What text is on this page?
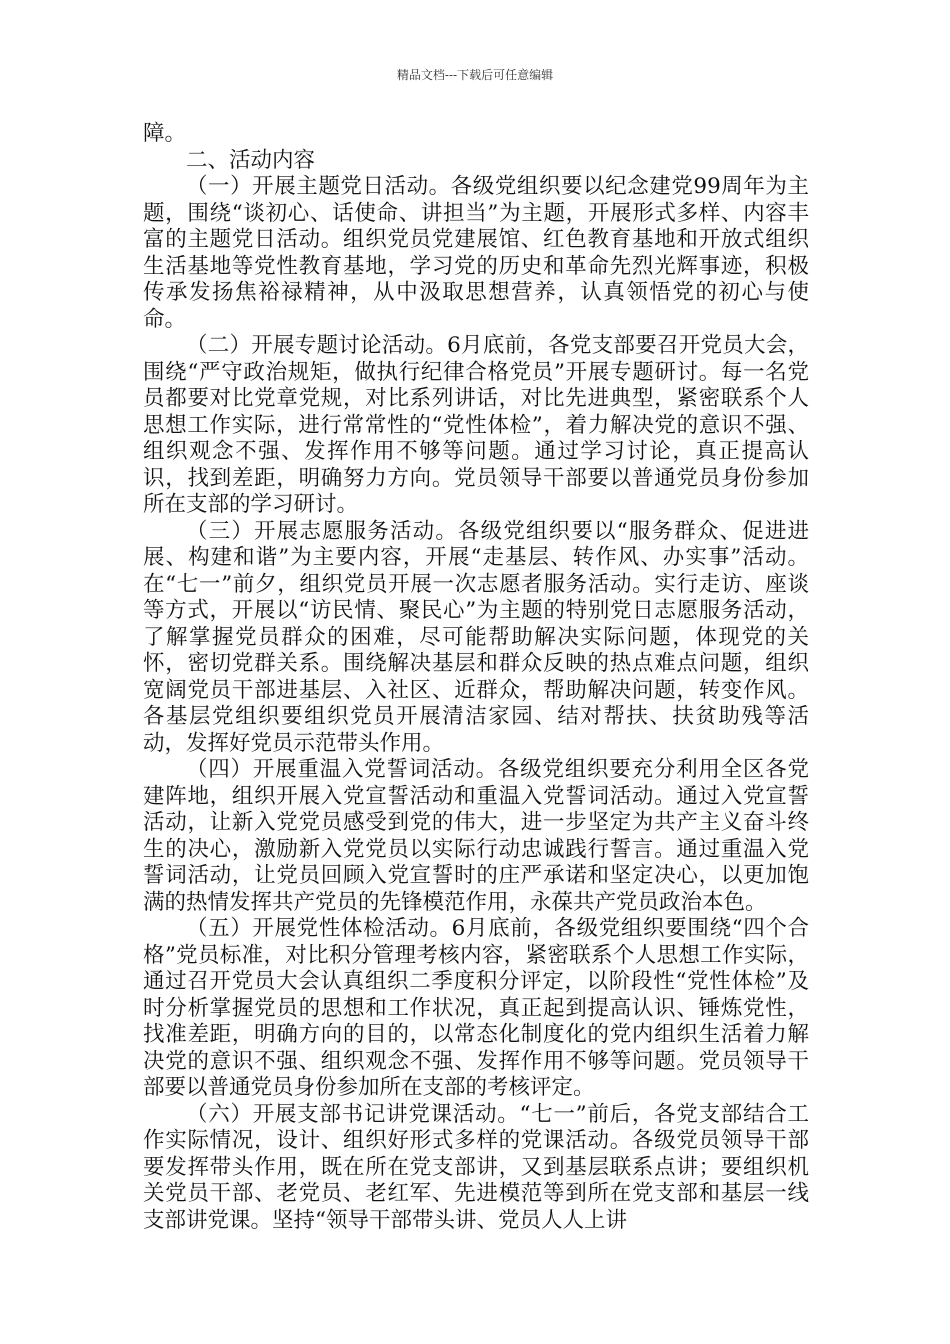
精品文档---下载后可任意编辑

障。

二、活动内容

（一）开展主题党日活动。各级党组织要以纪念建党99周年为主题，围绕“谈初心、话使命、讲担当”为主题，开展形式多样、内容丰富的主题党日活动。组织党员党建展馆、红色教育基地和开放式组织生活基地等党性教育基地，学习党的历史和革命先烈光辉事迹，积极传承发扬焦裕禄精神，从中汲取思想营养，认真领悟党的初心与使命。

（二）开展专题讨论活动。6月底前，各党支部要召开党员大会，围绕“严守政治规矩，做执行纪律合格党员”开展专题研讨。每一名党员都要对比党章党规，对比系列讲话，对比先进典型，紧密联系个人思想工作实际，进行常常性的“党性体检”，着力解决党的意识不强、组织观念不强、发挥作用不够等问题。通过学习讨论，真正提高认识，找到差距，明确努力方向。党员领导干部要以普通党员身份参加所在支部的学习研讨。

（三）开展志愿服务活动。各级党组织要以“服务群众、促进进展、构建和谐”为主要内容，开展“走基层、转作风、办实事”活动。在“七一”前夕，组织党员开展一次志愿者服务活动。实行走访、座谈等方式，开展以“访民情、聚民心”为主题的特别党日志愿服务活动，了解掌握党员群众的困难，尽可能帮助解决实际问题，体现党的关怀，密切党群关系。围绕解决基层和群众反映的热点难点问题，组织宽阔党员干部进基层、入社区、近群众，帮助解决问题，转变作风。各基层党组织要组织党员开展清洁家园、结对帮扶、扶贫助残等活动，发挥好党员示范带头作用。

（四）开展重温入党誓词活动。各级党组织要充分利用全区各党建阵地，组织开展入党宣誓活动和重温入党誓词活动。通过入党宣誓活动，让新入党党员感受到党的伟大，进一步坚定为共产主义奋斗终生的决心，激励新入党党员以实际行动忠诚践行誓言。通过重温入党誓词活动，让党员回顾入党宣誓时的庄严承诺和坚定决心，以更加饱满的热情发挥共产党员的先锋模范作用，永葆共产党员政治本色。

（五）开展党性体检活动。6月底前，各级党组织要围绕“四个合格”党员标准，对比积分管理考核内容，紧密联系个人思想工作实际，通过召开党员大会认真组织二季度积分评定，以阶段性“党性体检”及时分析掌握党员的思想和工作状况，真正起到提高认识、锤炼党性，找准差距，明确方向的目的，以常态化制度化的党内组织生活着力解决党的意识不强、组织观念不强、发挥作用不够等问题。党员领导干部要以普通党员身份参加所在支部的考核评定。

（六）开展支部书记讲党课活动。“七一”前后，各党支部结合工作实际情况，设计、组织好形式多样的党课活动。各级党员领导干部要发挥带头作用，既在所在党支部讲，又到基层联系点讲；要组织机关党员干部、老党员、老红军、先进模范等到所在党支部和基层一线支部讲党课。坚持“领导干部带头讲、党员人人上讲
